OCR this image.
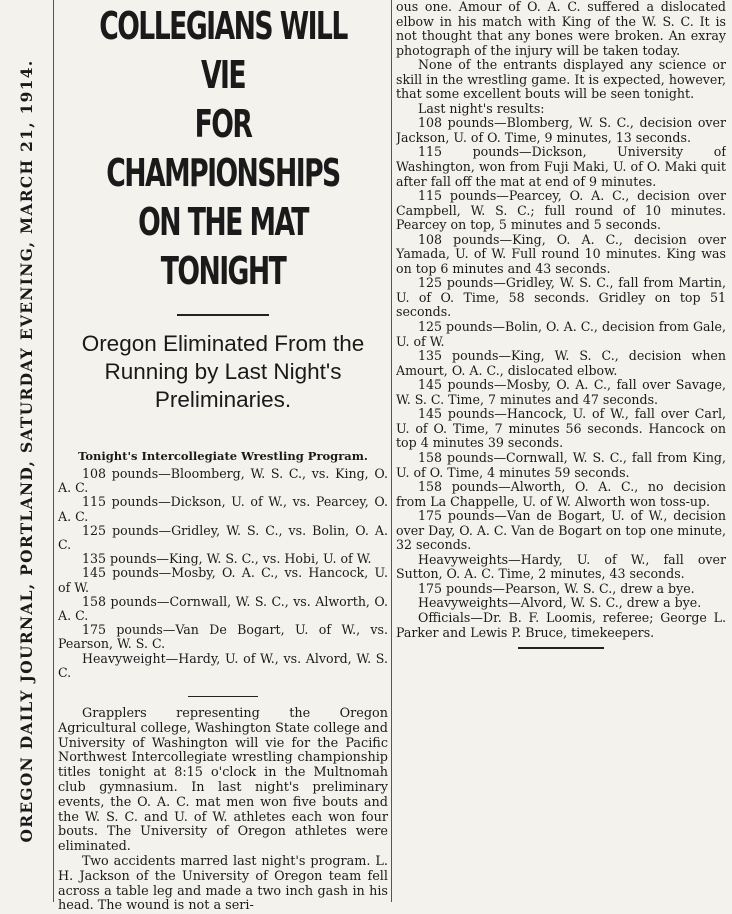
OREGON DAILY JOURNAL, PORTLAND, SATURDAY EVENING, MARCH 21, 1914.
COLLEGIANS WILL VIE
FOR CHAMPIONSHIPS
ON THE MAT TONIGHT
Oregon Eliminated From the
Running by Last Night's
Preliminaries.
Tonight's Intercollegiate Wrestling Program.

108 pounds—Bloomberg, W. S. C., vs. King, O. A. C.

115 pounds—Dickson, U. of W., vs. Pearcey, O. A. C.

125 pounds—Gridley, W. S. C., vs. Bolin, O. A. C.

135 pounds—King, W. S. C., vs. Hobi, U. of W.

145 pounds—Mosby, O. A. C., vs. Hancock, U. of W.

158 pounds—Cornwall, W. S. C., vs. Alworth, O. A. C.

175 pounds—Van De Bogart, U. of W., vs. Pearson, W. S. C.

Heavyweight—Hardy, U. of W., vs. Alvord, W. S. C.

Grapplers representing the Oregon Agricultural college, Washington State college and University of Washington will vie for the Pacific Northwest Intercollegiate wrestling championship titles tonight at 8:15 o'clock in the Multnomah club gymnasium. In last night's preliminary events, the O. A. C. mat men won five bouts and the W. S. C. and U. of W. athletes each won four bouts. The University of Oregon athletes were eliminated.

Two accidents marred last night's program. L. H. Jackson of the University of Oregon team fell across a table leg and made a two inch gash in his head. The wound is not a seri-

ous one. Amour of O. A. C. suffered a dislocated elbow in his match with King of the W. S. C. It is not thought that any bones were broken. An exray photograph of the injury will be taken today.

None of the entrants displayed any science or skill in the wrestling game. It is expected, however, that some excellent bouts will be seen tonight.

Last night's results:

108 pounds—Blomberg, W. S. C., decision over Jackson, U. of O. Time, 9 minutes, 13 seconds.

115 pounds—Dickson, University of Washington, won from Fuji Maki, U. of O. Maki quit after fall off the mat at end of 9 minutes.

115 pounds—Pearcey, O. A. C., decision over Campbell, W. S. C.; full round of 10 minutes. Pearcey on top, 5 minutes and 5 seconds.

108 pounds—King, O. A. C., decision over Yamada, U. of W. Full round 10 minutes. King was on top 6 minutes and 43 seconds.

125 pounds—Gridley, W. S. C., fall from Martin, U. of O. Time, 58 seconds. Gridley on top 51 seconds.

125 pounds—Bolin, O. A. C., decision from Gale, U. of W.

135 pounds—King, W. S. C., decision when Amourt, O. A. C., dislocated elbow.

145 pounds—Mosby, O. A. C., fall over Savage, W. S. C. Time, 7 minutes and 47 seconds.

145 pounds—Hancock, U. of W., fall over Carl, U. of O. Time, 7 minutes 56 seconds. Hancock on top 4 minutes 39 seconds.

158 pounds—Cornwall, W. S. C., fall from King, U. of O. Time, 4 minutes 59 seconds.

158 pounds—Alworth, O. A. C., no decision from La Chappelle, U. of W. Alworth won toss-up.

175 pounds—Van de Bogart, U. of W., decision over Day, O. A. C. Van de Bogart on top one minute, 32 seconds.

Heavyweights—Hardy, U. of W., fall over Sutton, O. A. C. Time, 2 minutes, 43 seconds.

175 pounds—Pearson, W. S. C., drew a bye.

Heavyweights—Alvord, W. S. C., drew a bye.

Officials—Dr. B. F. Loomis, referee; George L. Parker and Lewis P. Bruce, timekeepers.
